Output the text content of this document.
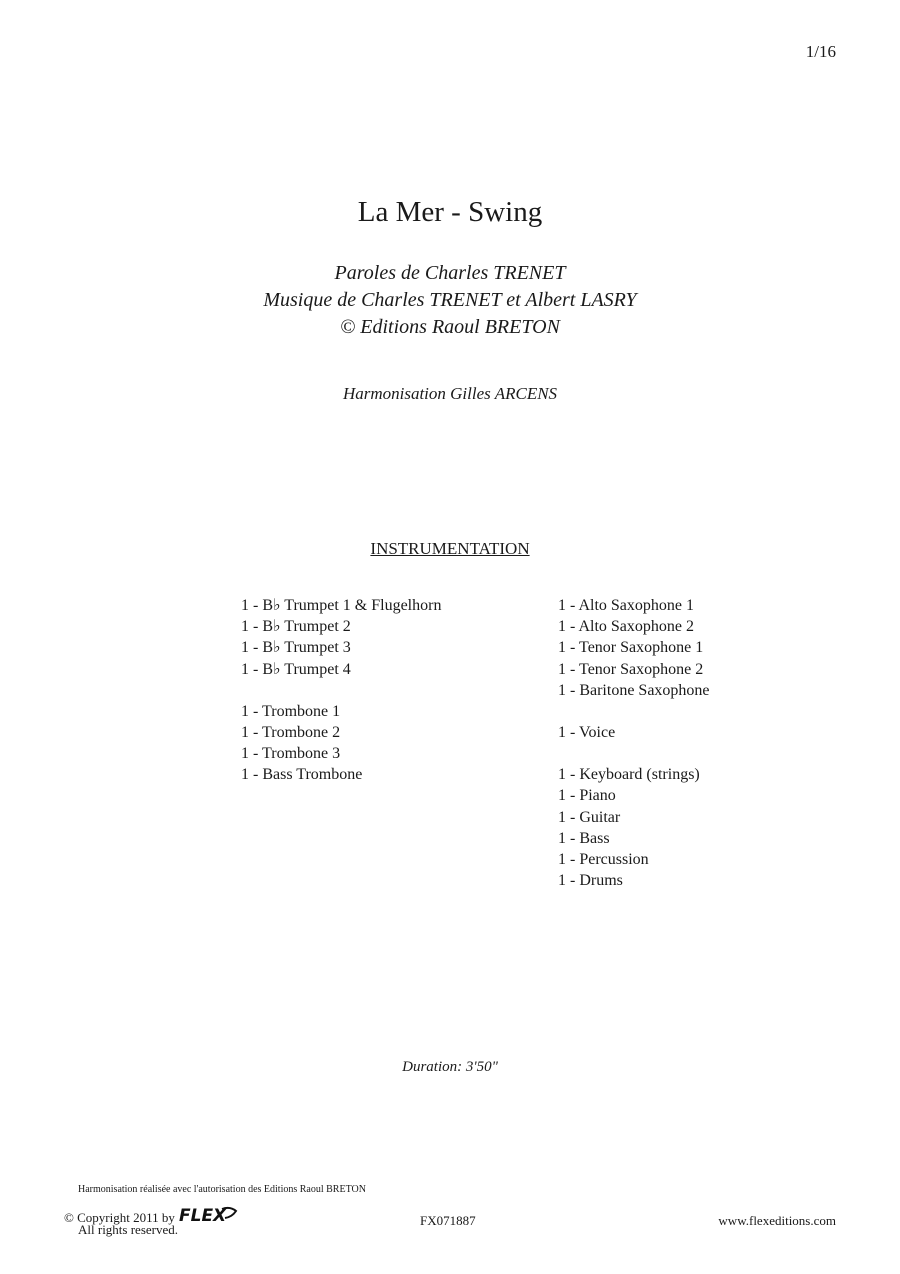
1/16
La Mer - Swing
Paroles de Charles TRENET
Musique de Charles TRENET et Albert LASRY
© Editions Raoul BRETON
Harmonisation Gilles ARCENS
INSTRUMENTATION
1 - B♭ Trumpet 1 & Flugelhorn
1 - B♭ Trumpet 2
1 - B♭ Trumpet 3
1 - B♭ Trumpet 4
1 - Trombone 1
1 - Trombone 2
1 - Trombone 3
1 - Bass Trombone
1 - Alto Saxophone 1
1 - Alto Saxophone 2
1 - Tenor Saxophone 1
1 - Tenor Saxophone 2
1 - Baritone Saxophone
1 - Voice
1 - Keyboard (strings)
1 - Piano
1 - Guitar
1 - Bass
1 - Percussion
1 - Drums
Duration: 3'50"
Harmonisation réalisée avec l'autorisation des Editions Raoul BRETON
© Copyright 2011 by FLEX
All rights reserved.
FX071887	www.flexeditions.com
